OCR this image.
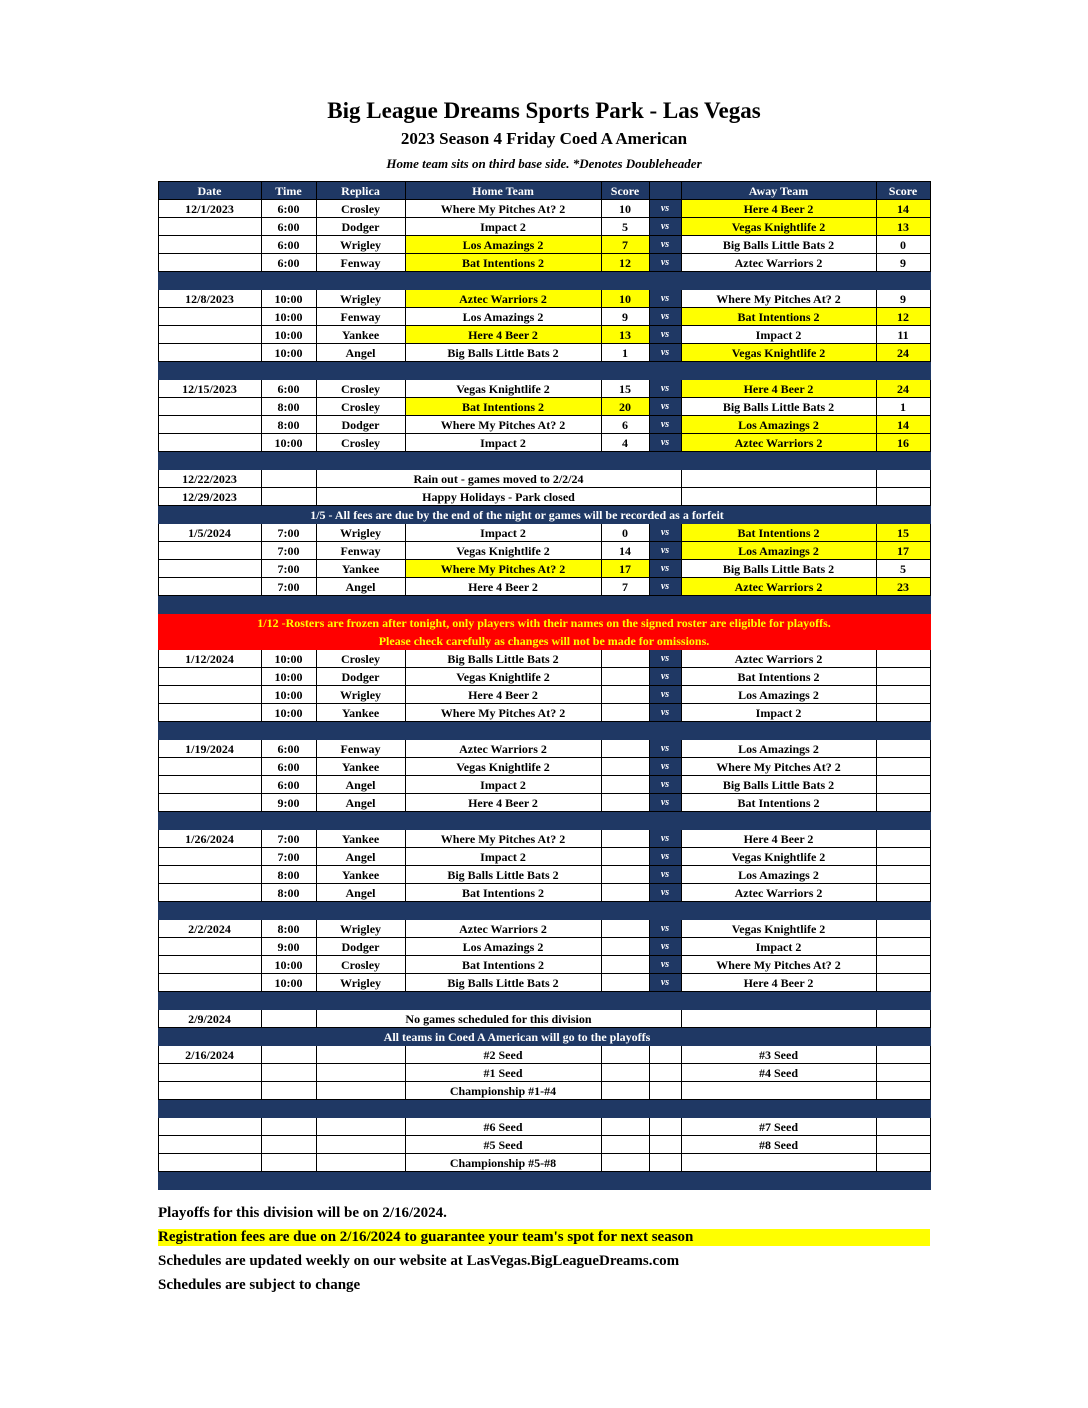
Big League Dreams Sports Park - Las Vegas
2023 Season 4 Friday Coed A American
Home team sits on third base side. *Denotes Doubleheader
Date	Time	Replica	Home Team	Score		Away Team	Score
12/1/2023	6:00	Crosley	Where My Pitches At? 2	10	vs	Here 4 Beer 2	14
	6:00	Dodger	Impact 2	5	vs	Vegas Knightlife 2	13
	6:00	Wrigley	Los Amazings 2	7	vs	Big Balls Little Bats 2	0
	6:00	Fenway	Bat Intentions 2	12	vs	Aztec Warriors 2	9

12/8/2023	10:00	Wrigley	Aztec Warriors 2	10	vs	Where My Pitches At? 2	9
	10:00	Fenway	Los Amazings 2	9	vs	Bat Intentions 2	12
	10:00	Yankee	Here 4 Beer 2	13	vs	Impact 2	11
	10:00	Angel	Big Balls Little Bats 2	1	vs	Vegas Knightlife 2	24

12/15/2023	6:00	Crosley	Vegas Knightlife 2	15	vs	Here 4 Beer 2	24
	8:00	Crosley	Bat Intentions 2	20	vs	Big Balls Little Bats 2	1
	8:00	Dodger	Where My Pitches At? 2	6	vs	Los Amazings 2	14
	10:00	Crosley	Impact 2	4	vs	Aztec Warriors 2	16

12/22/2023		Rain out - games moved to 2/2/24					
12/29/2023		Happy Holidays - Park closed					
1/5 - All fees are due by the end of the night or games will be recorded as a forfeit							
1/5/2024	7:00	Wrigley	Impact 2	0	vs	Bat Intentions 2	15
	7:00	Fenway	Vegas Knightlife 2	14	vs	Los Amazings 2	17
	7:00	Yankee	Where My Pitches At? 2	17	vs	Big Balls Little Bats 2	5
	7:00	Angel	Here 4 Beer 2	7	vs	Aztec Warriors 2	23

1/12 -Rosters are frozen after tonight, only players with their names on the signed roster are eligible for playoffs.							
Please check carefully as changes will not be made for omissions.							
1/12/2024	10:00	Crosley	Big Balls Little Bats 2		vs	Aztec Warriors 2	
	10:00	Dodger	Vegas Knightlife 2		vs	Bat Intentions 2	
	10:00	Wrigley	Here 4 Beer 2		vs	Los Amazings 2	
	10:00	Yankee	Where My Pitches At? 2		vs	Impact 2	

1/19/2024	6:00	Fenway	Aztec Warriors 2		vs	Los Amazings 2	
	6:00	Yankee	Vegas Knightlife 2		vs	Where My Pitches At? 2	
	6:00	Angel	Impact 2		vs	Big Balls Little Bats 2	
	9:00	Angel	Here 4 Beer 2		vs	Bat Intentions 2	

1/26/2024	7:00	Yankee	Where My Pitches At? 2		vs	Here 4 Beer 2	
	7:00	Angel	Impact 2		vs	Vegas Knightlife 2	
	8:00	Yankee	Big Balls Little Bats 2		vs	Los Amazings 2	
	8:00	Angel	Bat Intentions 2		vs	Aztec Warriors 2	

2/2/2024	8:00	Wrigley	Aztec Warriors 2		vs	Vegas Knightlife 2	
	9:00	Dodger	Los Amazings 2		vs	Impact 2	
	10:00	Crosley	Bat Intentions 2		vs	Where My Pitches At? 2	
	10:00	Wrigley	Big Balls Little Bats 2		vs	Here 4 Beer 2	

2/9/2024		No games scheduled for this division					
All teams in Coed A American will go to the playoffs							
2/16/2024			#2 Seed			#3 Seed	
			#1 Seed			#4 Seed	
			Championship #1-#4				

			#6 Seed			#7 Seed	
			#5 Seed			#8 Seed	
			Championship #5-#8				

Playoffs for this division will be on 2/16/2024.
Registration fees are due on 2/16/2024 to guarantee your team's spot for next season
Schedules are updated weekly on our website at LasVegas.BigLeagueDreams.com
Schedules are subject to change
